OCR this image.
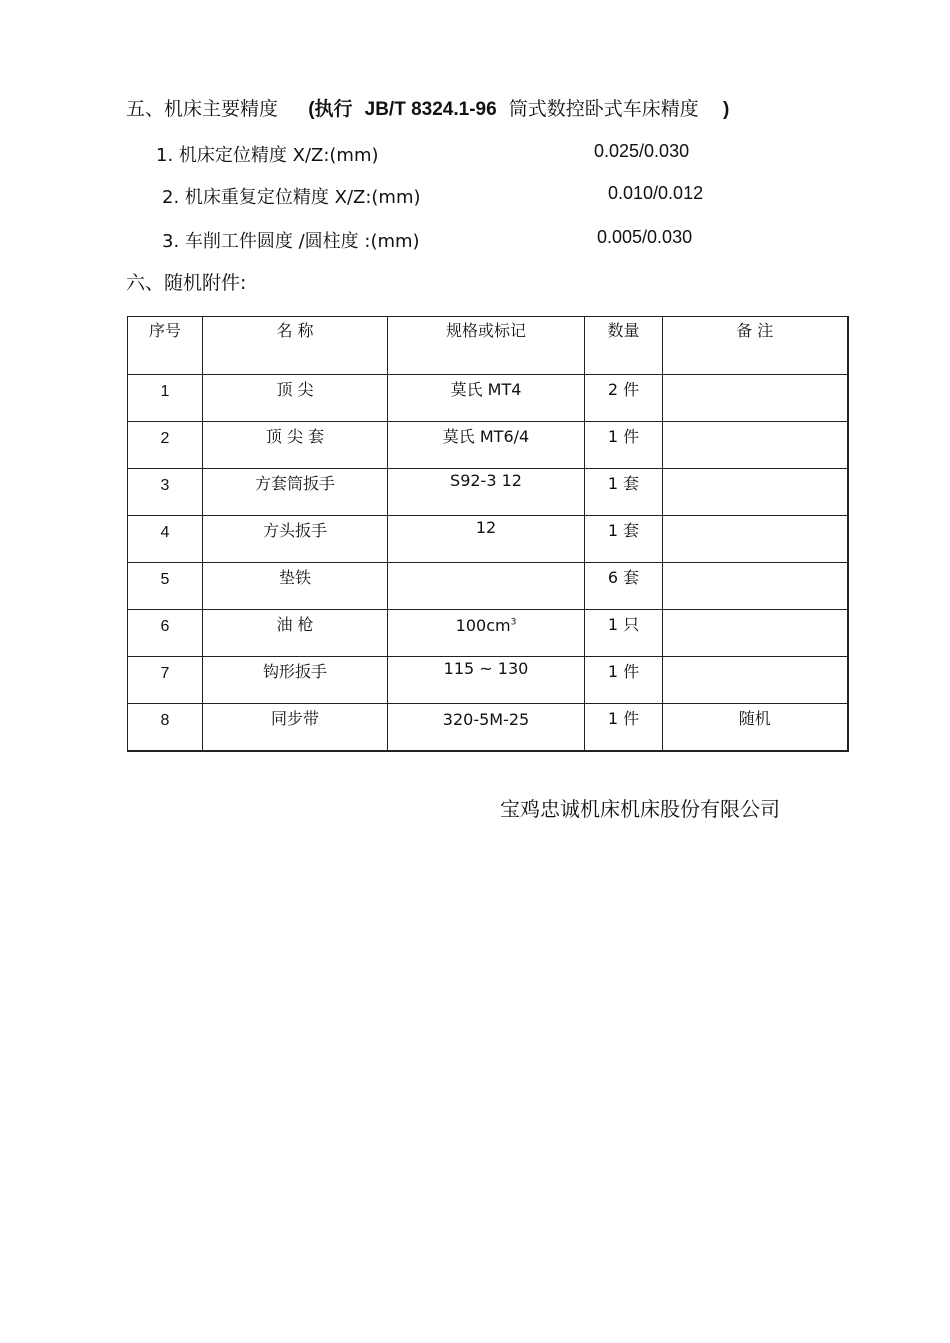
五、机床主要精度 (执行 JB/T 8324.1-96 筒式数控卧式车床精度 )
1. 机床定位精度 X/Z:(mm)	0.025/0.030
2. 机床重复定位精度 X/Z:(mm)	0.010/0.012
3. 车削工件圆度 /圆柱度 :(mm)	0.005/0.030
六、随机附件:
序号	名 称	规格或标记	数量	备 注

1	顶 尖	莫氏 MT4	2 件	

2	顶 尖 套	莫氏 MT6/4	1 件	

3	方套筒扳手	S92-3 12	1 套	

4	方头扳手	12	1 套	

5	垫铁		6 套	

6	油 枪	$100cm^3$	1 只	

7	钩形扳手	115 ~ 130	1 件	

8	同步带	320-5M-25	1 件	随机
宝鸡忠诚机床机床股份有限公司
